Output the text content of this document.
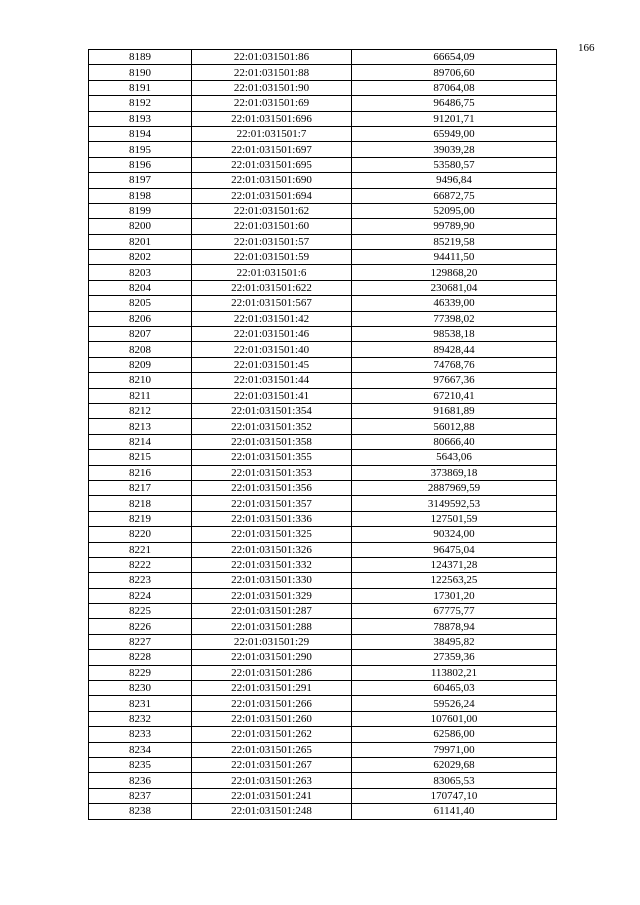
166
8189	22:01:031501:86	66654,09
8190	22:01:031501:88	89706,60
8191	22:01:031501:90	87064,08
8192	22:01:031501:69	96486,75
8193	22:01:031501:696	91201,71
8194	22:01:031501:7	65949,00
8195	22:01:031501:697	39039,28
8196	22:01:031501:695	53580,57
8197	22:01:031501:690	9496,84
8198	22:01:031501:694	66872,75
8199	22:01:031501:62	52095,00
8200	22:01:031501:60	99789,90
8201	22:01:031501:57	85219,58
8202	22:01:031501:59	94411,50
8203	22:01:031501:6	129868,20
8204	22:01:031501:622	230681,04
8205	22:01:031501:567	46339,00
8206	22:01:031501:42	77398,02
8207	22:01:031501:46	98538,18
8208	22:01:031501:40	89428,44
8209	22:01:031501:45	74768,76
8210	22:01:031501:44	97667,36
8211	22:01:031501:41	67210,41
8212	22:01:031501:354	91681,89
8213	22:01:031501:352	56012,88
8214	22:01:031501:358	80666,40
8215	22:01:031501:355	5643,06
8216	22:01:031501:353	373869,18
8217	22:01:031501:356	2887969,59
8218	22:01:031501:357	3149592,53
8219	22:01:031501:336	127501,59
8220	22:01:031501:325	90324,00
8221	22:01:031501:326	96475,04
8222	22:01:031501:332	124371,28
8223	22:01:031501:330	122563,25
8224	22:01:031501:329	17301,20
8225	22:01:031501:287	67775,77
8226	22:01:031501:288	78878,94
8227	22:01:031501:29	38495,82
8228	22:01:031501:290	27359,36
8229	22:01:031501:286	113802,21
8230	22:01:031501:291	60465,03
8231	22:01:031501:266	59526,24
8232	22:01:031501:260	107601,00
8233	22:01:031501:262	62586,00
8234	22:01:031501:265	79971,00
8235	22:01:031501:267	62029,68
8236	22:01:031501:263	83065,53
8237	22:01:031501:241	170747,10
8238	22:01:031501:248	61141,40
